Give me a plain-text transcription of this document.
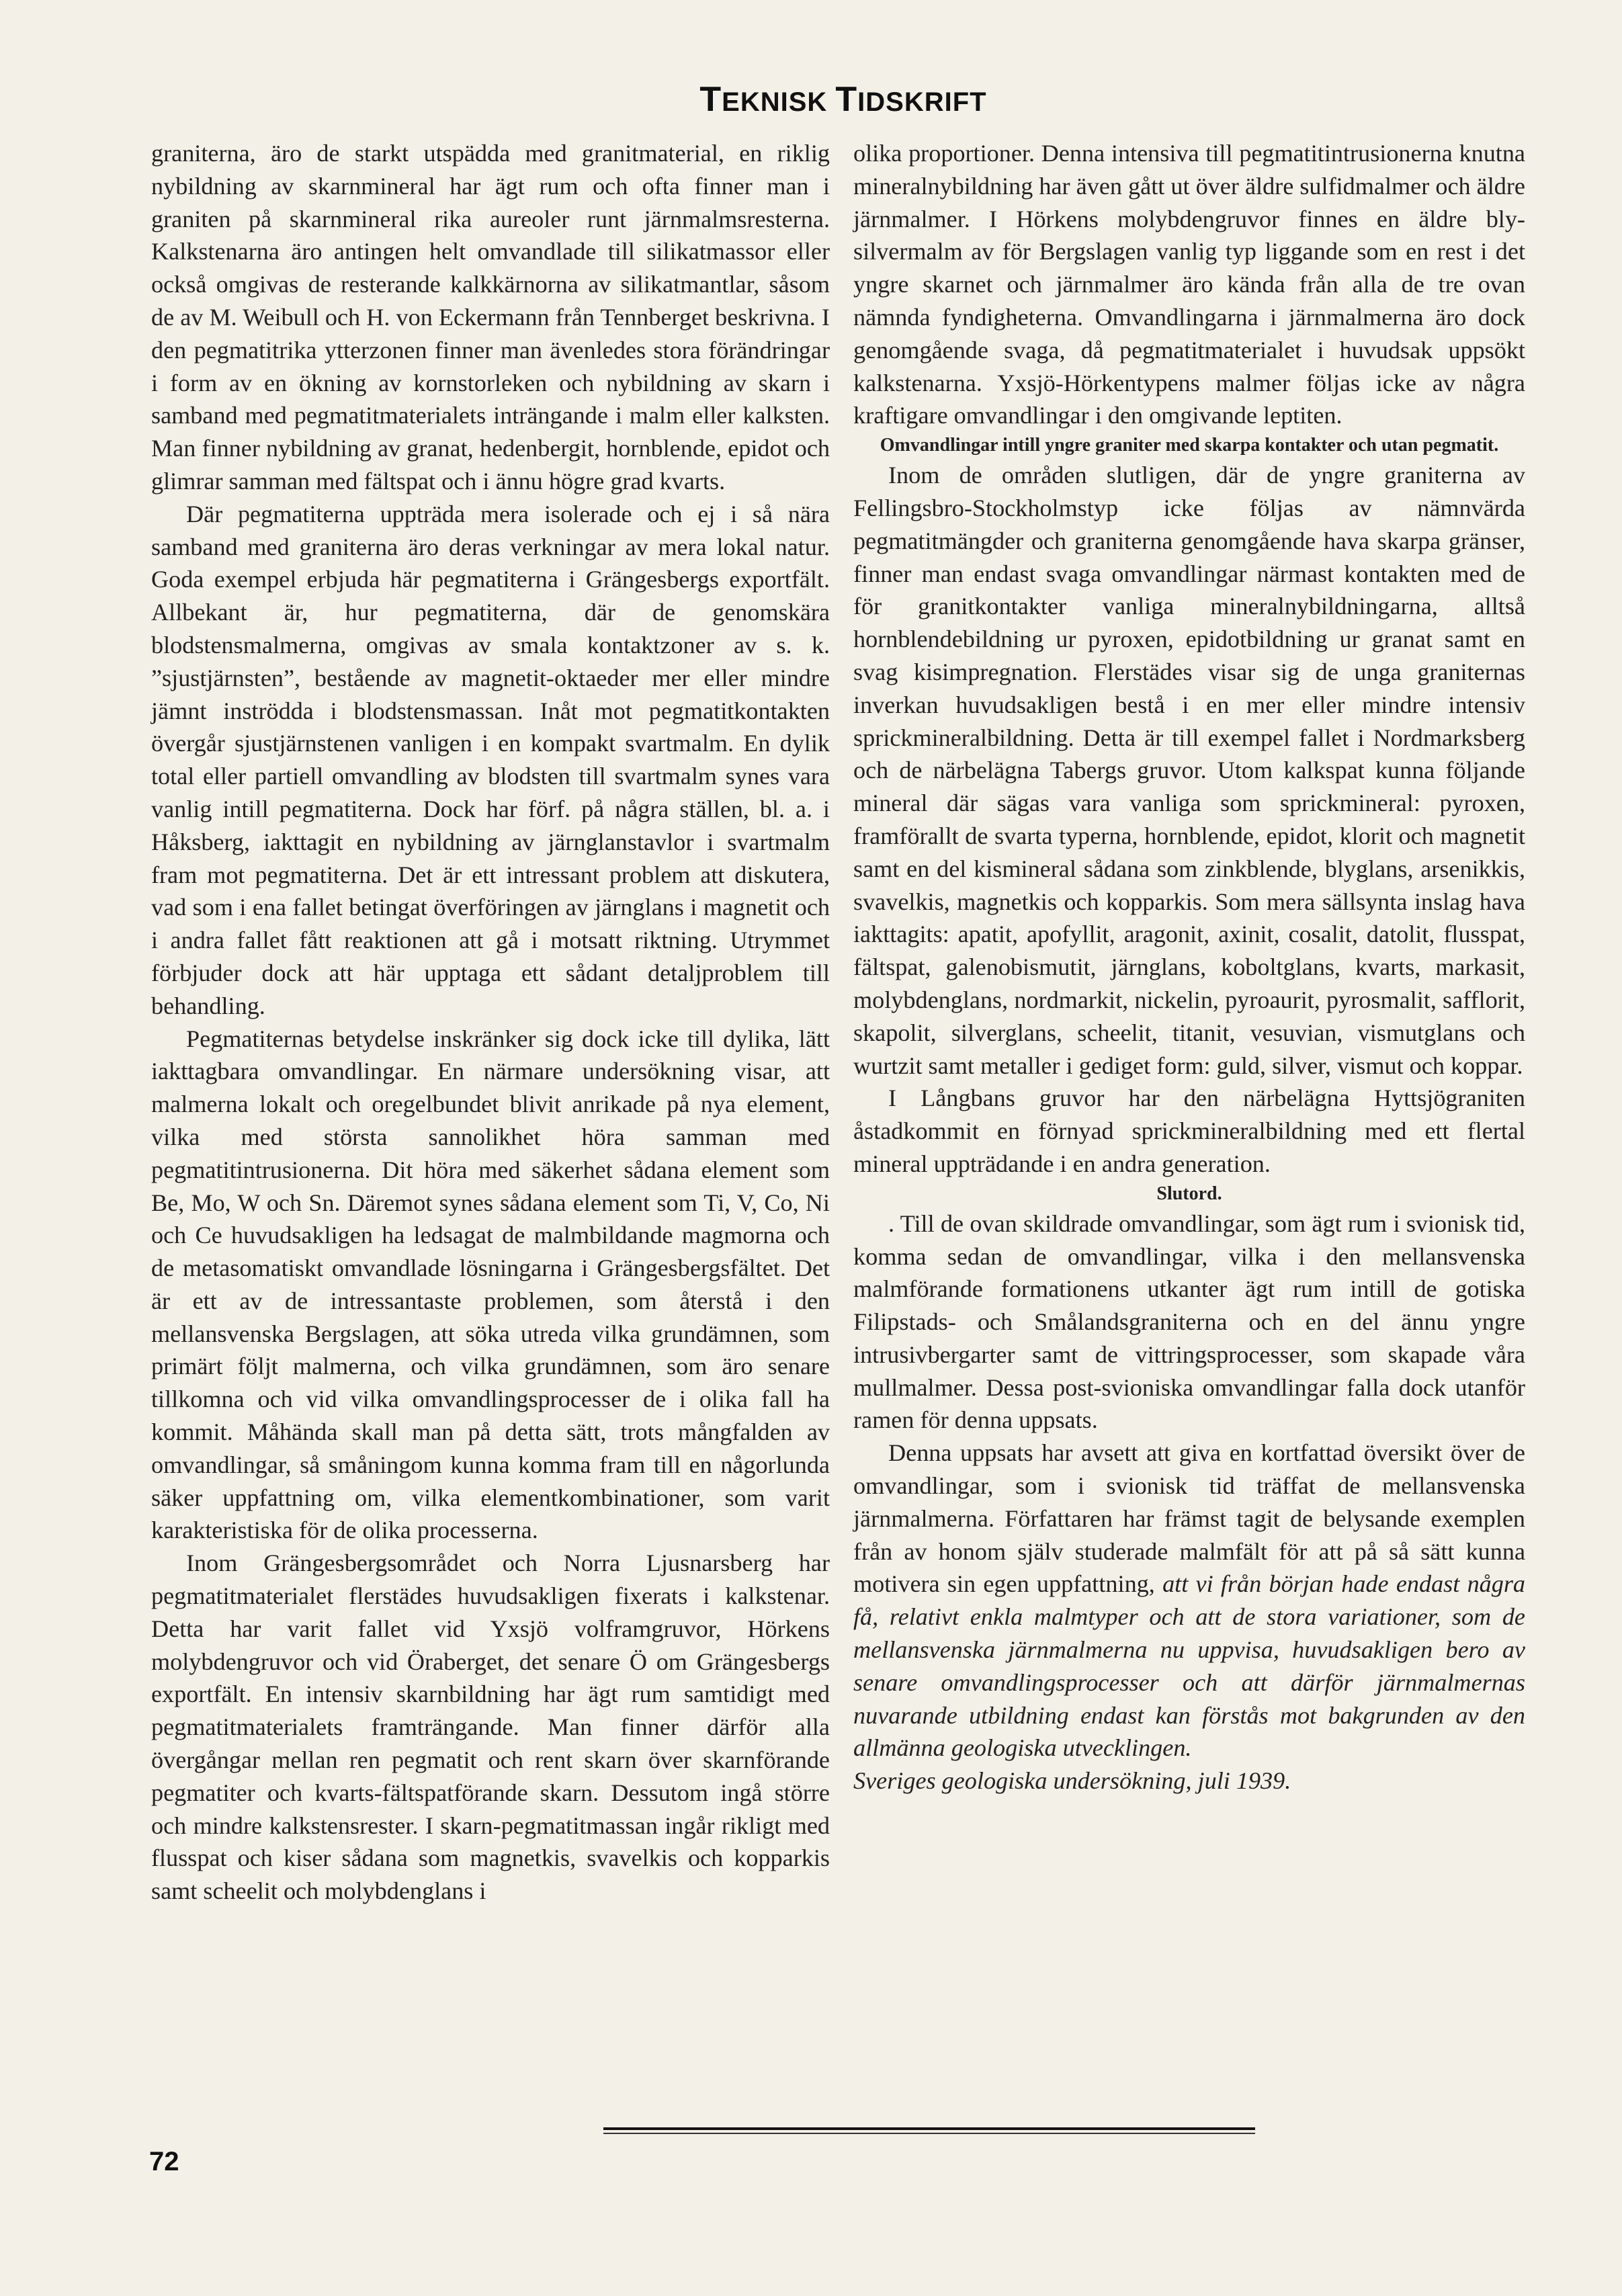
TEKNISK TIDSKRIFT

graniterna, äro de starkt utspädda med granitmaterial, en riklig nybildning av skarnmineral har ägt rum och ofta finner man i graniten på skarnmineral rika aureoler runt järnmalmsresterna. Kalkstenarna äro antingen helt omvandlade till silikatmassor eller också omgivas de resterande kalkkärnorna av silikatmantlar, såsom de av M. Weibull och H. von Eckermann från Tennberget beskrivna. I den pegmatitrika ytterzonen finner man ävenledes stora förändringar i form av en ökning av kornstorleken och nybildning av skarn i samband med pegmatitmaterialets inträngande i malm eller kalksten. Man finner nybildning av granat, hedenbergit, hornblende, epidot och glimrar samman med fältspat och i ännu högre grad kvarts.

Där pegmatiterna uppträda mera isolerade och ej i så nära samband med graniterna äro deras verkningar av mera lokal natur. Goda exempel erbjuda här pegmatiterna i Grängesbergs exportfält. Allbekant är, hur pegmatiterna, där de genomskära blodstensmalmerna, omgivas av smala kontaktzoner av s. k. ”sjustjärnsten”, bestående av magnetit-oktaeder mer eller mindre jämnt inströdda i blodstensmassan. Inåt mot pegmatitkontakten övergår sjustjärnstenen vanligen i en kompakt svartmalm. En dylik total eller partiell omvandling av blodsten till svartmalm synes vara vanlig intill pegmatiterna. Dock har förf. på några ställen, bl. a. i Håksberg, iakttagit en nybildning av järnglanstavlor i svartmalm fram mot pegmatiterna. Det är ett intressant problem att diskutera, vad som i ena fallet betingat överföringen av järnglans i magnetit och i andra fallet fått reaktionen att gå i motsatt riktning. Utrymmet förbjuder dock att här upptaga ett sådant detaljproblem till behandling.

Pegmatiternas betydelse inskränker sig dock icke till dylika, lätt iakttagbara omvandlingar. En närmare undersökning visar, att malmerna lokalt och oregelbundet blivit anrikade på nya element, vilka med största sannolikhet höra samman med pegmatitintrusionerna. Dit höra med säkerhet sådana element som Be, Mo, W och Sn. Däremot synes sådana element som Ti, V, Co, Ni och Ce huvudsakligen ha ledsagat de malmbildande magmorna och de metasomatiskt omvandlade lösningarna i Grängesbergsfältet. Det är ett av de intressantaste problemen, som återstå i den mellansvenska Bergslagen, att söka utreda vilka grundämnen, som primärt följt malmerna, och vilka grundämnen, som äro senare tillkomna och vid vilka omvandlingsprocesser de i olika fall ha kommit. Måhända skall man på detta sätt, trots mångfalden av omvandlingar, så småningom kunna komma fram till en någorlunda säker uppfattning om, vilka elementkombinationer, som varit karakteristiska för de olika processerna.

Inom Grängesbergsområdet och Norra Ljusnarsberg har pegmatitmaterialet flerstädes huvudsakligen fixerats i kalkstenar. Detta har varit fallet vid Yxsjö volframgruvor, Hörkens molybdengruvor och vid Öraberget, det senare Ö om Grängesbergs exportfält. En intensiv skarnbildning har ägt rum samtidigt med pegmatitmaterialets framträngande. Man finner därför alla övergångar mellan ren pegmatit och rent skarn över skarnförande pegmatiter och kvarts-fältspatförande skarn. Dessutom ingå större och mindre kalkstensrester. I skarn-pegmatitmassan ingår rikligt med flusspat och kiser sådana som magnetkis, svavelkis och kopparkis samt scheelit och molybdenglans i

olika proportioner. Denna intensiva till pegmatitintrusionerna knutna mineralnybildning har även gått ut över äldre sulfidmalmer och äldre järnmalmer. I Hörkens molybdengruvor finnes en äldre bly-silvermalm av för Bergslagen vanlig typ liggande som en rest i det yngre skarnet och järnmalmer äro kända från alla de tre ovan nämnda fyndigheterna. Omvandlingarna i järnmalmerna äro dock genomgående svaga, då pegmatitmaterialet i huvudsak uppsökt kalkstenarna. Yxsjö-Hörkentypens malmer följas icke av några kraftigare omvandlingar i den omgivande leptiten.

Omvandlingar intill yngre graniter med skarpa kontakter och utan pegmatit.

Inom de områden slutligen, där de yngre graniterna av Fellingsbro-Stockholmstyp icke följas av nämnvärda pegmatitmängder och graniterna genomgående hava skarpa gränser, finner man endast svaga omvandlingar närmast kontakten med de för granitkontakter vanliga mineralnybildningarna, alltså hornblendebildning ur pyroxen, epidotbildning ur granat samt en svag kisimpregnation. Flerstädes visar sig de unga graniternas inverkan huvudsakligen bestå i en mer eller mindre intensiv sprickmineralbildning. Detta är till exempel fallet i Nordmarksberg och de närbelägna Tabergs gruvor. Utom kalkspat kunna följande mineral där sägas vara vanliga som sprickmineral: pyroxen, framförallt de svarta typerna, hornblende, epidot, klorit och magnetit samt en del kismineral sådana som zinkblende, blyglans, arsenikkis, svavelkis, magnetkis och kopparkis. Som mera sällsynta inslag hava iakttagits: apatit, apofyllit, aragonit, axinit, cosalit, datolit, flusspat, fältspat, galenobismutit, järnglans, koboltglans, kvarts, markasit, molybdenglans, nordmarkit, nickelin, pyroaurit, pyrosmalit, safflorit, skapolit, silverglans, scheelit, titanit, vesuvian, vismutglans och wurtzit samt metaller i gediget form: guld, silver, vismut och koppar.

I Långbans gruvor har den närbelägna Hyttsjögraniten åstadkommit en förnyad sprickmineralbildning med ett flertal mineral uppträdande i en andra generation.

Slutord.

. Till de ovan skildrade omvandlingar, som ägt rum i svionisk tid, komma sedan de omvandlingar, vilka i den mellansvenska malmförande formationens utkanter ägt rum intill de gotiska Filipstads- och Smålandsgraniterna och en del ännu yngre intrusivbergarter samt de vittringsprocesser, som skapade våra mullmalmer. Dessa post-svioniska omvandlingar falla dock utanför ramen för denna uppsats.

Denna uppsats har avsett att giva en kortfattad översikt över de omvandlingar, som i svionisk tid träffat de mellansvenska järnmalmerna. Författaren har främst tagit de belysande exemplen från av honom själv studerade malmfält för att på så sätt kunna motivera sin egen uppfattning, att vi från början hade endast några få, relativt enkla malmtyper och att de stora variationer, som de mellansvenska järnmalmerna nu uppvisa, huvudsakligen bero av senare omvandlingsprocesser och att därför järnmalmernas nuvarande utbildning endast kan förstås mot bakgrunden av den allmänna geologiska utvecklingen.

Sveriges geologiska undersökning, juli 1939.

72
